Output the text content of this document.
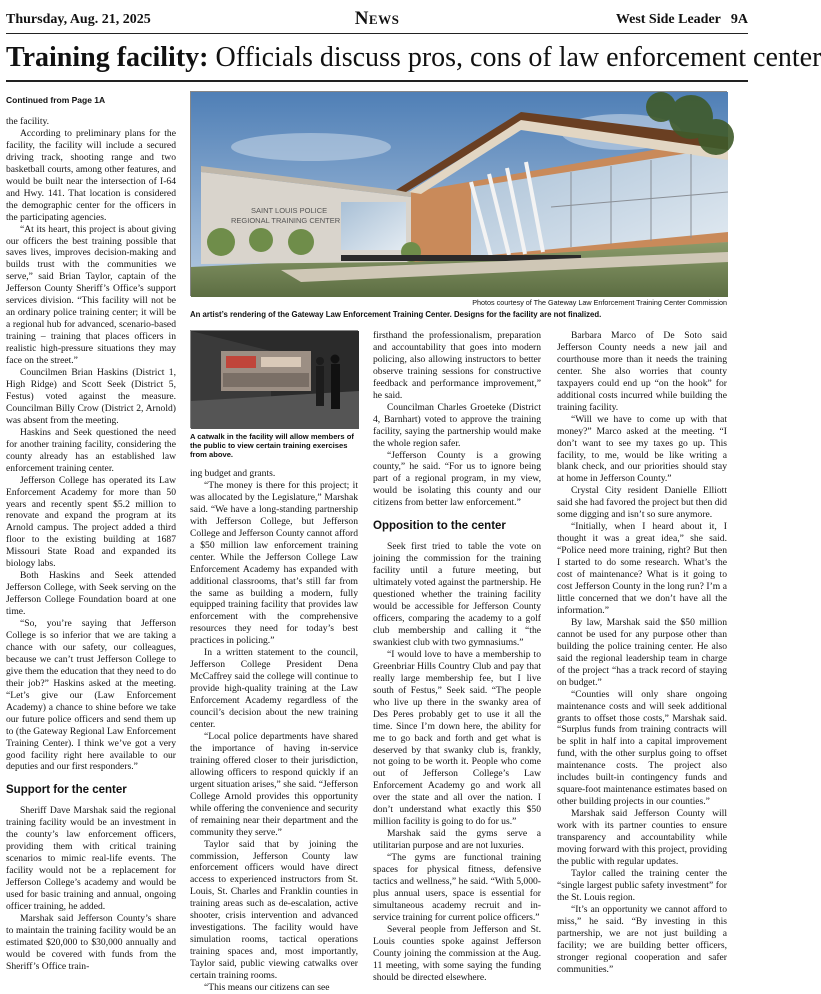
Thursday, Aug. 21, 2025	News	West Side Leader 9A
Training facility: Officials discuss pros, cons of law enforcement center

Continued from Page 1A

the facility.

According to preliminary plans for the facility, the facility will include a secured driving track, shooting range and two basketball courts, among other features, and would be built near the intersection of I-64 and Hwy. 141. That location is considered the demographic center for the officers in the participating agencies.

“At its heart, this project is about giving our officers the best training possible that saves lives, improves decision-making and builds trust with the communities we serve,” said Brian Taylor, captain of the Jefferson County Sheriff’s Office’s support services division. “This facility will not be an ordinary police training center; it will be a regional hub for advanced, scenario-based training – training that places officers in realistic high-pressure situations they may face on the street.”

Councilmen Brian Haskins (District 1, High Ridge) and Scott Seek (District 5, Festus) voted against the measure. Councilman Billy Crow (District 2, Arnold) was absent from the meeting.

Haskins and Seek questioned the need for another training facility, considering the county already has an established law enforcement training center.

Jefferson College has operated its Law Enforcement Academy for more than 50 years and recently spent $5.2 million to renovate and expand the program at its Arnold campus. The project added a third floor to the existing building at 1687 Missouri State Road and expanded its biology labs.

Both Haskins and Seek attended Jefferson College, with Seek serving on the Jefferson College Foundation board at one time.

“So, you’re saying that Jefferson College is so inferior that we are taking a chance with our safety, our colleagues, because we can’t trust Jefferson College to give them the education that they need to do their job?” Haskins asked at the meeting. “Let’s give our (Law Enforcement Academy) a chance to shine before we take our future police officers and send them up to (the Gateway Regional Law Enforcement Training Center). I think we’ve got a very good facility right here available to our deputies and our first responders.”

Support for the center

Sheriff Dave Marshak said the regional training facility would be an investment in the county’s law enforcement officers, providing them with critical training scenarios to mimic real-life events. The facility would not be a replacement for Jefferson College’s academy and would be used for basic training and annual, ongoing officer training, he added.

Marshak said Jefferson County’s share to maintain the training facility would be an estimated $20,000 to $30,000 annually and would be covered with funds from the Sheriff’s Office train-

SAINT LOUIS POLICE
REGIONAL TRAINING CENTER
Photos courtesy of The Gateway Law Enforcement Training Center Commission
An artist’s rendering of the Gateway Law Enforcement Training Center. Designs for the facility are not finalized.
A catwalk in the facility will allow members of the public to view certain training exercises from above.

ing budget and grants.

“The money is there for this project; it was allocated by the Legislature,” Marshak said. “We have a long-standing partnership with Jefferson College, but Jefferson College and Jefferson County cannot afford a $50 million law enforcement training center. While the Jefferson College Law Enforcement Academy has expanded with additional classrooms, that’s still far from the same as building a modern, fully equipped training facility that provides law enforcement with the comprehensive resources they need for today’s best practices in policing.”

In a written statement to the council, Jefferson College President Dena McCaffrey said the college will continue to provide high-quality training at the Law Enforcement Academy regardless of the council’s decision about the new training center.

“Local police departments have shared the importance of having in-service training offered closer to their jurisdiction, allowing officers to respond quickly if an urgent situation arises,” she said. “Jefferson College Arnold provides this opportunity while offering the convenience and security of remaining near their department and the community they serve.”

Taylor said that by joining the commission, Jefferson County law enforcement officers would have direct access to experienced instructors from St. Louis, St. Charles and Franklin counties in training areas such as de-escalation, active shooter, crisis intervention and advanced investigations. The facility would have simulation rooms, tactical operations training spaces and, most importantly, Taylor said, public viewing catwalks over certain training rooms.

“This means our citizens can see

firsthand the professionalism, preparation and accountability that goes into modern policing, also allowing instructors to better observe training sessions for constructive feedback and performance improvement,” he said.

Councilman Charles Groeteke (District 4, Barnhart) voted to approve the training facility, saying the partnership would make the whole region safer.

“Jefferson County is a growing county,” he said. “For us to ignore being part of a regional program, in my view, would be isolating this county and our citizens from better law enforcement.”

Opposition to the center

Seek first tried to table the vote on joining the commission for the training facility until a future meeting, but ultimately voted against the partnership. He questioned whether the training facility would be accessible for Jefferson County officers, comparing the academy to a golf club membership and calling it “the swankiest club with two gymnasiums.”

“I would love to have a membership to Greenbriar Hills Country Club and pay that really large membership fee, but I live south of Festus,” Seek said. “The people who live up there in the swanky area of Des Peres probably get to use it all the time. Since I’m down here, the ability for me to go back and forth and get what is deserved by that swanky club is, frankly, not going to be worth it. People who come out of Jefferson College’s Law Enforcement Academy go and work all over the state and all over the nation. I don’t understand what exactly this $50 million facility is going to do for us.”

Marshak said the gyms serve a utilitarian purpose and are not luxuries.

“The gyms are functional training spaces for physical fitness, defensive tactics and wellness,” he said. “With 5,000-plus annual users, space is essential for simultaneous academy recruit and in-service training for current police officers.”

Several people from Jefferson and St. Louis counties spoke against Jefferson County joining the commission at the Aug. 11 meeting, with some saying the funding should be directed elsewhere.

Barbara Marco of De Soto said Jefferson County needs a new jail and courthouse more than it needs the training center. She also worries that county taxpayers could end up “on the hook” for additional costs incurred while building the training facility.

“Will we have to come up with that money?” Marco asked at the meeting. “I don’t want to see my taxes go up. This facility, to me, would be like writing a blank check, and our priorities should stay at home in Jefferson County.”

Crystal City resident Danielle Elliott said she had favored the project but then did some digging and isn’t so sure anymore.

“Initially, when I heard about it, I thought it was a great idea,” she said. “Police need more training, right? But then I started to do some research. What’s the cost of maintenance? What is it going to cost Jefferson County in the long run? I’m a little concerned that we don’t have all the information.”

By law, Marshak said the $50 million cannot be used for any purpose other than building the police training center. He also said the regional leadership team in charge of the project “has a track record of staying on budget.”

“Counties will only share ongoing maintenance costs and will seek additional grants to offset those costs,” Marshak said. “Surplus funds from training contracts will be split in half into a capital improvement fund, with the other surplus going to offset maintenance costs. The project also includes built-in contingency funds and square-foot maintenance estimates based on other building projects in our counties.”

Marshak said Jefferson County will work with its partner counties to ensure transparency and accountability while moving forward with this project, providing the public with regular updates.

Taylor called the training center the “single largest public safety investment” for the St. Louis region.

“It’s an opportunity we cannot afford to miss,” he said. “By investing in this partnership, we are not just building a facility; we are building better officers, stronger regional cooperation and safer communities.”
